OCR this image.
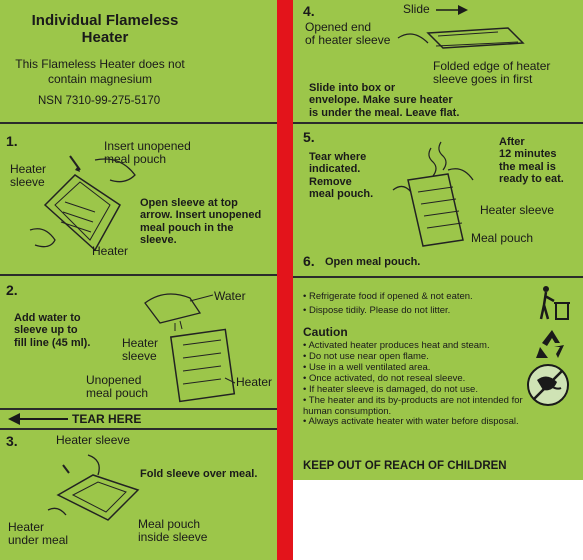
Individual Flameless
Heater
This Flameless Heater does not
contain magnesium
NSN 7310-99-275-5170
1.	Insert unopened
meal pouch
Heater
sleeve
Open sleeve at top
arrow. Insert unopened
meal pouch in the
sleeve.
Heater
2.
Add water to
sleeve up to
fill line (45 ml).
Water
Heater
sleeve
Unopened
meal pouch
Heater
TEAR HERE
3.	Heater sleeve
Fold sleeve over meal.
Heater
under meal
Meal pouch
inside sleeve
4.	Slide
Opened end
of heater sleeve
Folded edge of heater
sleeve goes in first
Slide into box or
envelope. Make sure heater
is under the meal. Leave flat.
5.
Tear where
indicated.
Remove
meal pouch.
After
12 minutes
the meal is
ready to eat.
Heater sleeve
Meal pouch
6. Open meal pouch.
• Refrigerate food if opened & not eaten.
• Dispose tidily. Please do not litter.
Caution
• Activated heater produces heat and steam.
• Do not use near open flame.
• Use in a well ventilated area.
• Once activated, do not reseal sleeve.
• If heater sleeve is damaged, do not use.
• The heater and its by-products are not intended for
human consumption.
• Always activate heater with water before disposal.
KEEP OUT OF REACH OF CHILDREN
